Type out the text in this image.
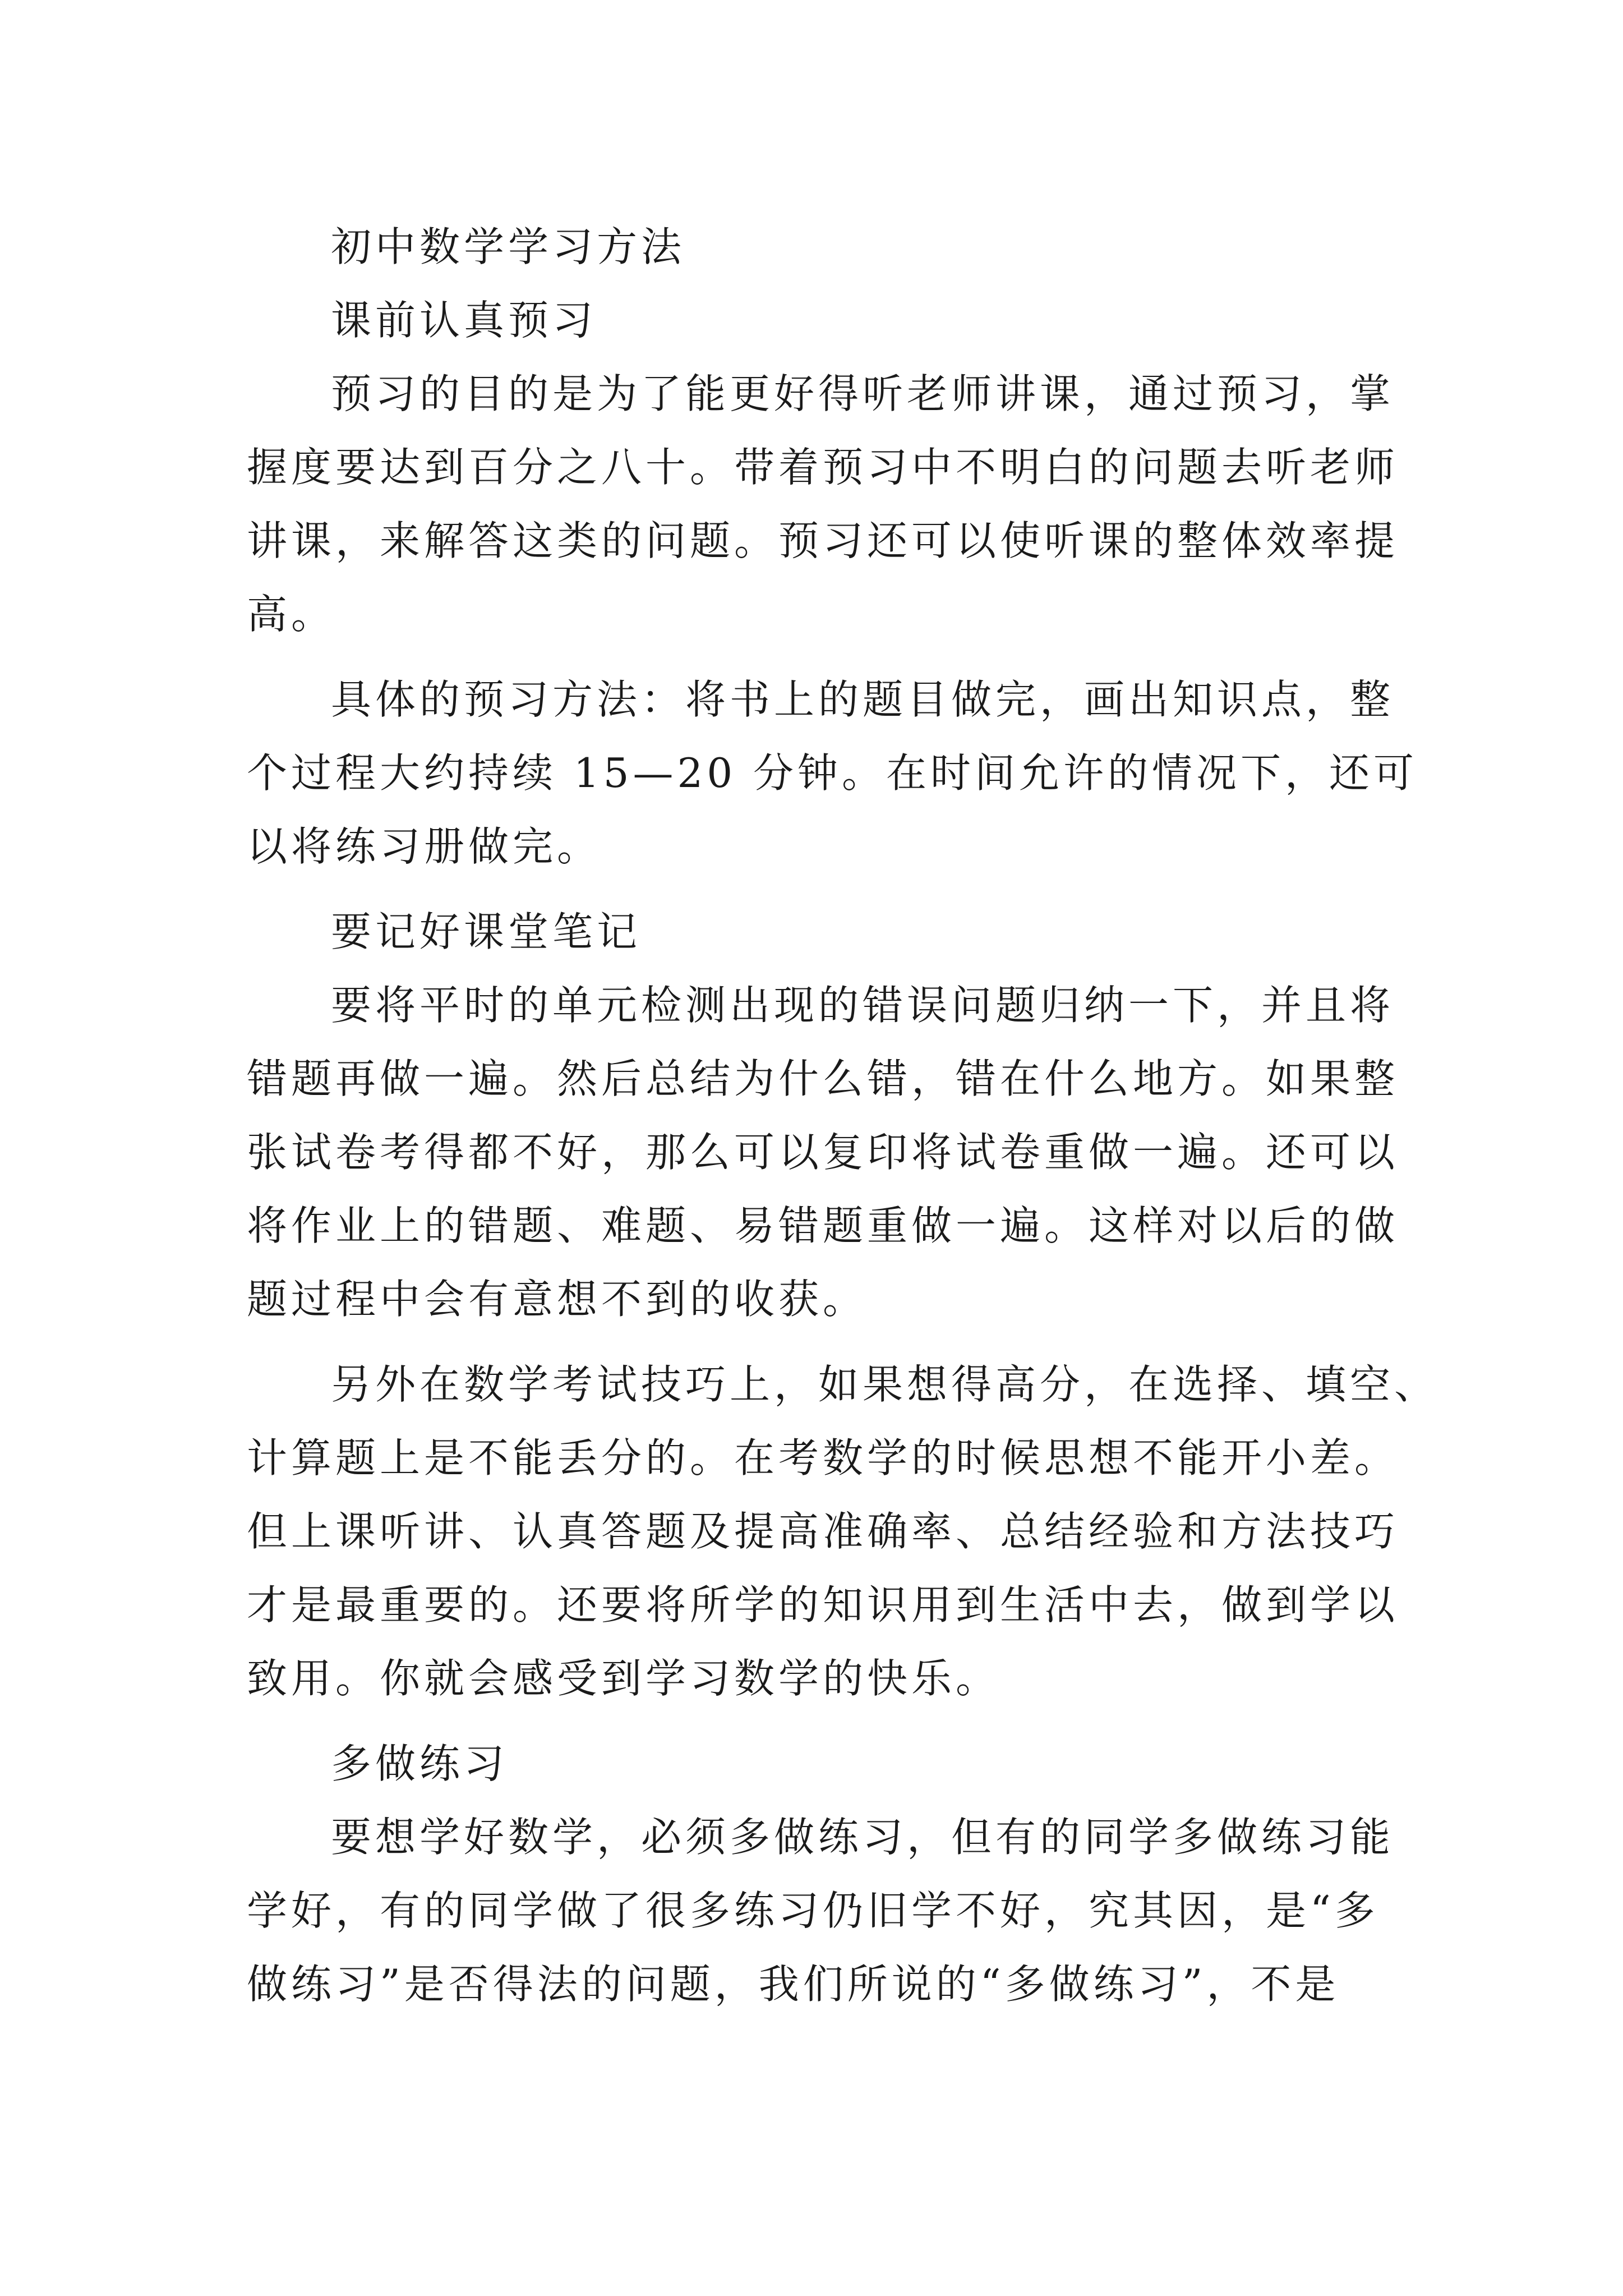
初中数学学习方法
课前认真预习
预习的目的是为了能更好得听老师讲课，通过预习，掌
握度要达到百分之八十。带着预习中不明白的问题去听老师
讲课，来解答这类的问题。预习还可以使听课的整体效率提
高。
具体的预习方法：将书上的题目做完，画出知识点，整
个过程大约持续 15—20 分钟。在时间允许的情况下，还可
以将练习册做完。
要记好课堂笔记
要将平时的单元检测出现的错误问题归纳一下，并且将
错题再做一遍。然后总结为什么错，错在什么地方。如果整
张试卷考得都不好，那么可以复印将试卷重做一遍。还可以
将作业上的错题、难题、易错题重做一遍。这样对以后的做
题过程中会有意想不到的收获。
另外在数学考试技巧上，如果想得高分，在选择、填空、
计算题上是不能丢分的。在考数学的时候思想不能开小差。
但上课听讲、认真答题及提高准确率、总结经验和方法技巧
才是最重要的。还要将所学的知识用到生活中去，做到学以
致用。你就会感受到学习数学的快乐。
多做练习
要想学好数学，必须多做练习，但有的同学多做练习能
学好，有的同学做了很多练习仍旧学不好，究其因，是“多
做练习”是否得法的问题，我们所说的“多做练习”，不是
